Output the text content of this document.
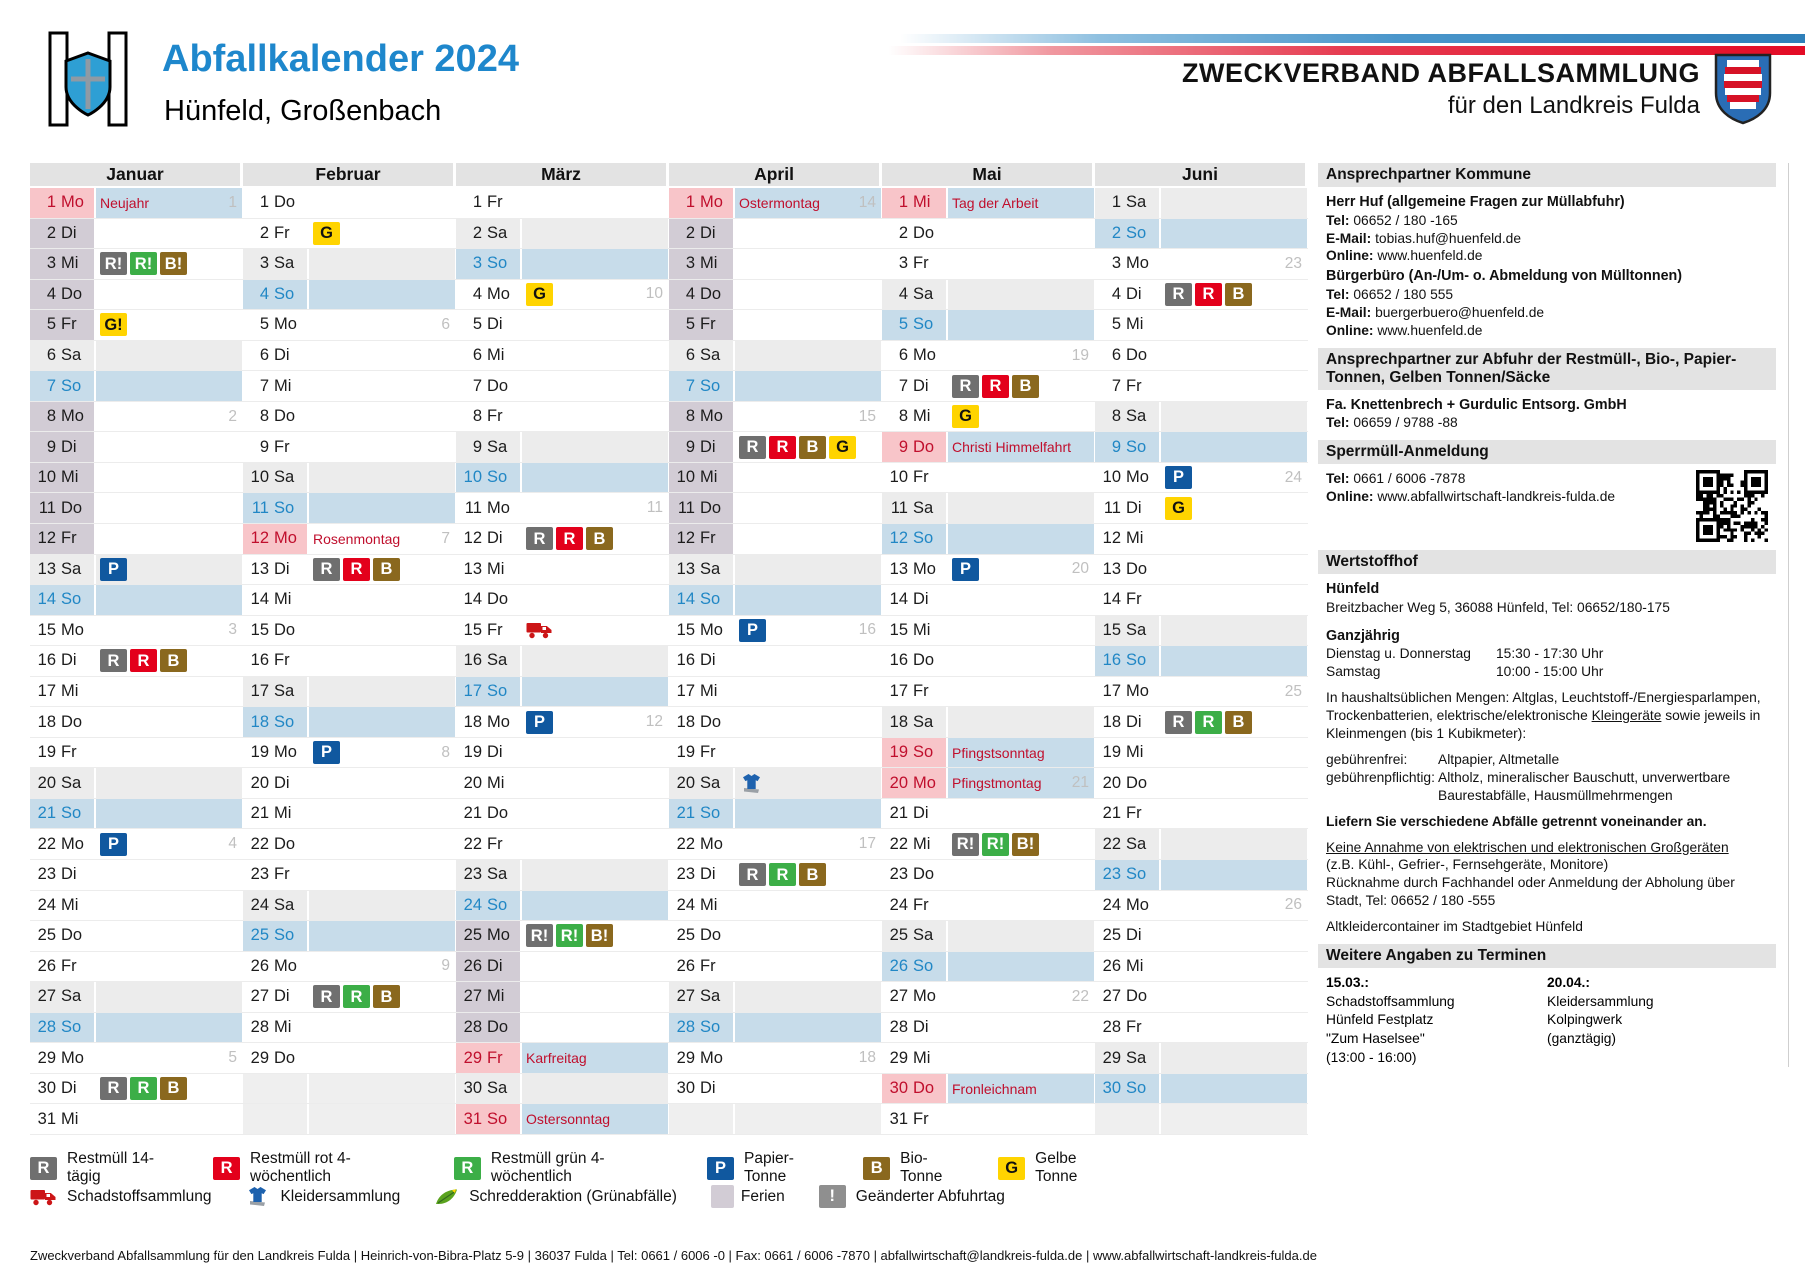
Abfallkalender 2024
Hünfeld, Großenbach
ZWECKVERBAND ABFALLSAMMLUNG
für den Landkreis Fulda
Januar
1 Mo Neujahr	1
2 Di
3 Mi R! R! B!
4 Do
5 Fr G!
6 Sa
7 So
8 Mo	2
9 Di
10 Mi
11 Do
12 Fr
13 Sa	P
14 So
15 Mo	3
16 Di	R	R	B
17 Mi
18 Do
19 Fr
20 Sa
21 So
22 Mo	P	4
23 Di
24 Mi
25 Do
26 Fr
27 Sa
28 So
29 Mo	5
30 Di	R	R	B
31 Mi
Februar
1 Do
2 Fr	G
3 Sa
4 So
5 Mo	6
6 Di
7 Mi
8 Do
9 Fr
10 Sa
11 So
12 Mo Rosenmontag	7
13 Di	R	R	B
14 Mi
15 Do
16 Fr
17 Sa
18 So
19 Mo	P	8
20 Di
21 Mi
22 Do
23 Fr
24 Sa
25 So
26 Mo	9
27 Di	R	R	B
28 Mi
29 Do
März
1 Fr
2 Sa
3 So
4 Mo	G	10
5 Di
6 Mi
7 Do
8 Fr
9 Sa
10 So
11 Mo	11
12 Di	R	R	B
13 Mi
14 Do
15 Fr
16 Sa
17 So
18 Mo	P	12
19 Di
20 Mi
21 Do
22 Fr
23 Sa
24 So
25 Mo R! R! B!
26 Di
27 Mi
28 Do
29 Fr Karfreitag
30 Sa
31 So Ostersonntag
April
1 Mo Ostermontag	14
2 Di
3 Mi
4 Do
5 Fr
6 Sa
7 So
8 Mo	15
9 Di	R	R	B	G
10 Mi
11 Do
12 Fr
13 Sa
14 So
15 Mo	P	16
16 Di
17 Mi
18 Do
19 Fr
20 Sa
21 So
22 Mo	17
23 Di	R	R	B
24 Mi
25 Do
26 Fr
27 Sa
28 So
29 Mo	18
30 Di
Mai
1 Mi Tag der Arbeit
2 Do
3 Fr
4 Sa
5 So
6 Mo	19
7 Di	R	R	B
8 Mi	G
9 Do Christi Himmelfahrt
10 Fr
11 Sa
12 So
13 Mo	P	20
14 Di
15 Mi
16 Do
17 Fr
18 Sa
19 So Pfingstsonntag
20 Mo Pfingstmontag 21
21 Di
22 Mi R! R! B!
23 Do
24 Fr
25 Sa
26 So
27 Mo	22
28 Di
29 Mi
30 Do Fronleichnam
31 Fr
Juni
1 Sa
2 So
3 Mo	23
4 Di	R	R	B
5 Mi
6 Do
7 Fr
8 Sa
9 So
10 Mo	P	24
11 Di	G
12 Mi
13 Do
14 Fr
15 Sa
16 So
17 Mo	25
18 Di	R	R	B
19 Mi
20 Do
21 Fr
22 Sa
23 So
24 Mo	26
25 Di
26 Mi
27 Do
28 Fr
29 Sa
30 So
R
Restmüll 14-tägig	R
Restmüll rot 4-wöchentlich	R
Restmüll grün 4-wöchentlich	P
Papier-Tonne	B
Bio-Tonne	G
Gelbe Tonne
Schadstoffsammlung	Kleidersammlung	Schredderaktion (Grünabfälle)	Ferien	!	Geänderter Abfuhrtag
Ansprechpartner Kommune
Herr Huf (allgemeine Fragen zur Müllabfuhr)
Tel: 06652 / 180 -165
E-Mail: tobias.huf@huenfeld.de
Online: www.huenfeld.de
Bürgerbüro (An-/Um- o. Abmeldung von Mülltonnen)
Tel: 06652 / 180 555
E-Mail: buergerbuero@huenfeld.de
Online: www.huenfeld.de
Ansprechpartner zur Abfuhr der Restmüll-, Bio-, Papier-Tonnen, Gelben Tonnen/Säcke
Fa. Knettenbrech + Gurdulic Entsorg. GmbH
Tel: 06659 / 9788 -88
Sperrmüll-Anmeldung
Tel: 0661 / 6006 -7878
Online: www.abfallwirtschaft-landkreis-fulda.de
Wertstoffhof
Hünfeld
Breitzbacher Weg 5, 36088 Hünfeld, Tel: 06652/180-175
Ganzjährig
Dienstag u. Donnerstag	15:30 - 17:30 Uhr
Samstag	10:00 - 15:00 Uhr
In haushaltsüblichen Mengen: Altglas, Leuchtstoff-/Energiesparlampen, Trockenbatterien, elektrische/elektronische Kleingeräte sowie jeweils in Kleinmengen (bis 1 Kubikmeter):
gebührenfrei:	Altpapier, Altmetalle
gebührenpflichtig: Altholz, mineralischer Bauschutt, unverwertbare Baurestabfälle, Hausmüllmehrmengen
Liefern Sie verschiedene Abfälle getrennt voneinander an.
Keine Annahme von elektrischen und elektronischen Großgeräten
(z.B. Kühl-, Gefrier-, Fernsehgeräte, Monitore)
Rücknahme durch Fachhandel oder Anmeldung der Abholung über Stadt, Tel: 06652 / 180 -555
Altkleidercontainer im Stadtgebiet Hünfeld
Weitere Angaben zu Terminen
15.03.:
Schadstoffsammlung
Hünfeld Festplatz
"Zum Haselsee"
(13:00 - 16:00)
20.04.:
Kleidersammlung
Kolpingwerk
(ganztägig)
Zweckverband Abfallsammlung für den Landkreis Fulda | Heinrich-von-Bibra-Platz 5-9 | 36037 Fulda | Tel: 0661 / 6006 -0 | Fax: 0661 / 6006 -7870 | abfallwirtschaft@landkreis-fulda.de | www.abfallwirtschaft-landkreis-fulda.de
